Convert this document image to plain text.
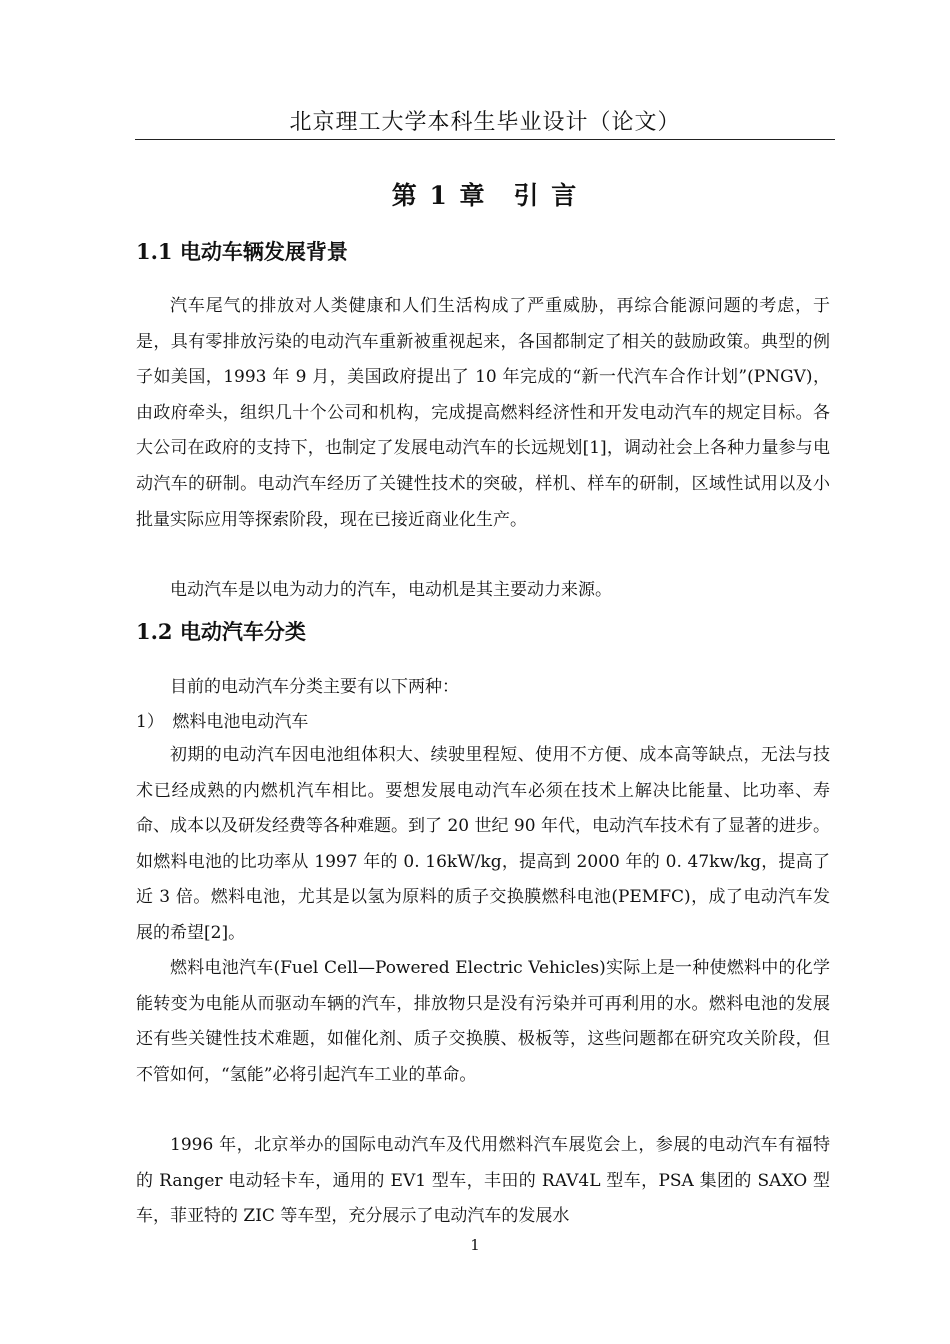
北京理工大学本科生毕业设计（论文）
第 1 章　引 言
1.1 电动车辆发展背景

汽车尾气的排放对人类健康和人们生活构成了严重威胁，再综合能源问题的考虑，于是，具有零排放污染的电动汽车重新被重视起来，各国都制定了相关的鼓励政策。典型的例子如美国，1993 年 9 月，美国政府提出了 10 年完成的“新一代汽车合作计划”(PNGV)，由政府牵头，组织几十个公司和机构，完成提高燃料经济性和开发电动汽车的规定目标。各大公司在政府的支持下，也制定了发展电动汽车的长远规划[1]，调动社会上各种力量参与电动汽车的研制。电动汽车经历了关键性技术的突破，样机、样车的研制，区域性试用以及小批量实际应用等探索阶段，现在已接近商业化生产。

电动汽车是以电为动力的汽车，电动机是其主要动力来源。

1.2 电动汽车分类

目前的电动汽车分类主要有以下两种：

1）　燃料电池电动汽车

初期的电动汽车因电池组体积大、续驶里程短、使用不方便、成本高等缺点，无法与技术已经成熟的内燃机汽车相比。要想发展电动汽车必须在技术上解决比能量、比功率、寿命、成本以及研发经费等各种难题。到了 20 世纪 90 年代，电动汽车技术有了显著的进步。如燃料电池的比功率从 1997 年的 0. 16kW/kg，提高到 2000 年的 0. 47kw/kg，提高了近 3 倍。燃料电池，尤其是以氢为原料的质子交换膜燃科电池(PEMFC)，成了电动汽车发展的希望[2]。

燃料电池汽车(Fuel Cell—Powered Electric Vehicles)实际上是一种使燃料中的化学能转变为电能从而驱动车辆的汽车，排放物只是没有污染并可再利用的水。燃料电池的发展还有些关键性技术难题，如催化剂、质子交换膜、极板等，这些问题都在研究攻关阶段，但不管如何，“氢能”必将引起汽车工业的革命。

1996 年，北京举办的国际电动汽车及代用燃料汽车展览会上，参展的电动汽车有福特的 Ranger 电动轻卡车，通用的 EV1 型车，丰田的 RAV4L 型车，PSA 集团的 SAXO 型车，菲亚特的 ZIC 等车型，充分展示了电动汽车的发展水

1
